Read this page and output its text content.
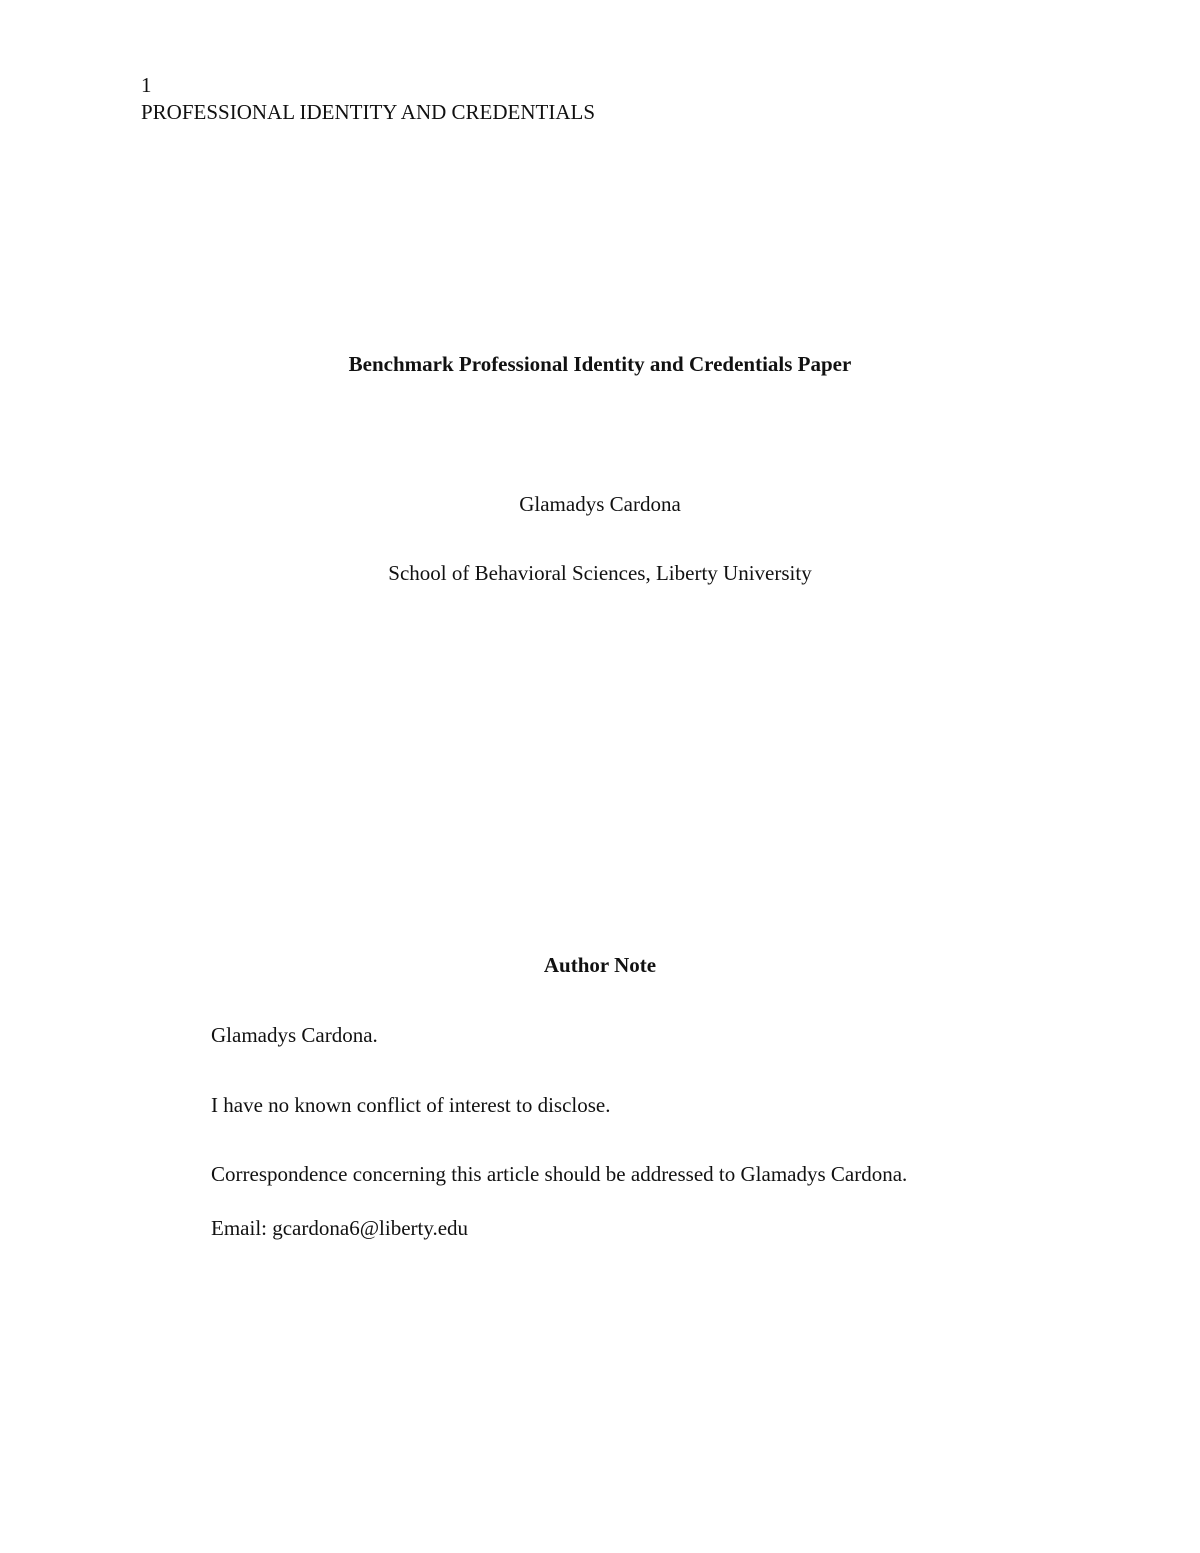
1
PROFESSIONAL IDENTITY AND CREDENTIALS
Benchmark Professional Identity and Credentials Paper
Glamadys Cardona
School of Behavioral Sciences, Liberty University
Author Note
Glamadys Cardona.
I have no known conflict of interest to disclose.
Correspondence concerning this article should be addressed to Glamadys Cardona.
Email: gcardona6@liberty.edu
